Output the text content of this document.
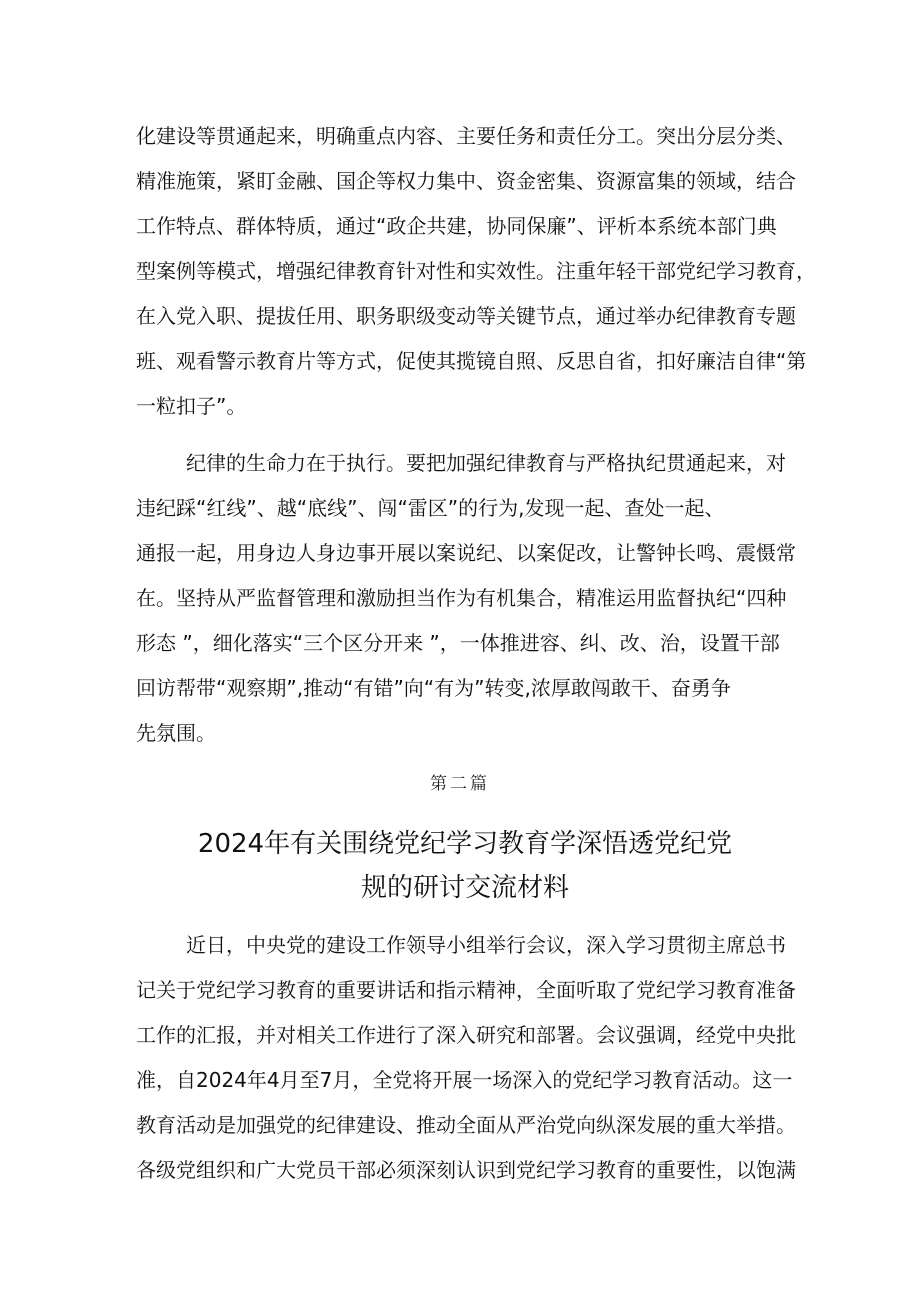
化建设等贯通起来，明确重点内容、主要任务和责任分工。突出分层分类、
精准施策，紧盯金融、国企等权力集中、资金密集、资源富集的领域，结合
工作特点、群体特质，通过“政企共建，协同保廉”、评析本系统本部门典
型案例等模式，增强纪律教育针对性和实效性。注重年轻干部党纪学习教育，
在入党入职、提拔任用、职务职级变动等关键节点，通过举办纪律教育专题
班、观看警示教育片等方式，促使其揽镜自照、反思自省，扣好廉洁自律“第
一粒扣子”。
纪律的生命力在于执行。要把加强纪律教育与严格执纪贯通起来，对
违纪踩“红线”、越“底线”、闯“雷区”的行为,发现一起、查处一起、
通报一起，用身边人身边事开展以案说纪、以案促改，让警钟长鸣、震慑常
在。坚持从严监督管理和激励担当作为有机集合，精准运用监督执纪“四种
形态 ”，细化落实“三个区分开来 ”，一体推进容、纠、改、治，设置干部
回访帮带“观察期”,推动“有错”向“有为”转变,浓厚敢闯敢干、奋勇争
先氛围。
第二篇
2024年有关围绕党纪学习教育学深悟透党纪党
规的研讨交流材料
近日，中央党的建设工作领导小组举行会议，深入学习贯彻主席总书
记关于党纪学习教育的重要讲话和指示精神，全面听取了党纪学习教育准备
工作的汇报，并对相关工作进行了深入研究和部署。会议强调，经党中央批
准，自2024年4月至7月，全党将开展一场深入的党纪学习教育活动。这一
教育活动是加强党的纪律建设、推动全面从严治党向纵深发展的重大举措。
各级党组织和广大党员干部必须深刻认识到党纪学习教育的重要性，以饱满
